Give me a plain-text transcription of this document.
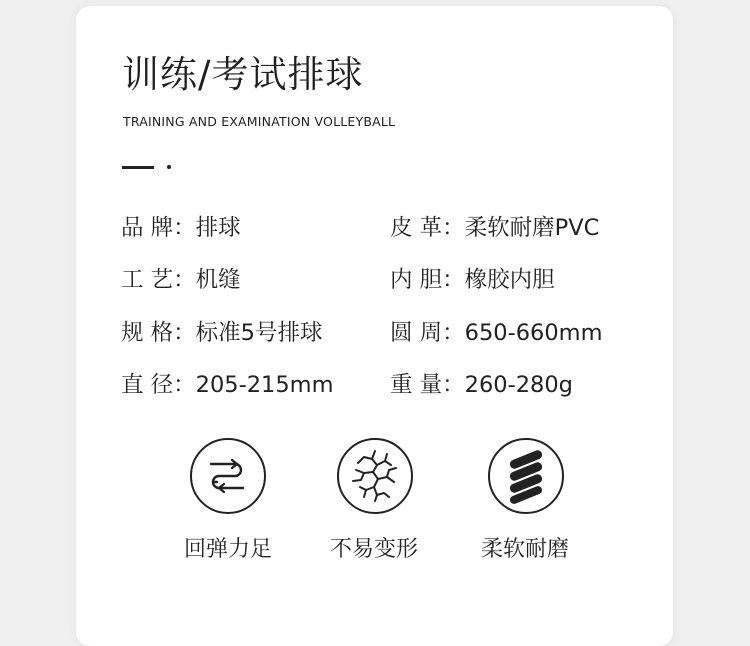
训练/考试排球
TRAINING AND EXAMINATION VOLLEYBALL
品 牌：排球	皮 革：柔软耐磨PVC
工 艺：机缝	内 胆：橡胶内胆
规 格：标准5号排球	圆 周：650-660mm
直 径：205-215mm	重 量：260-280g
回弹力足	不易变形	柔软耐磨
